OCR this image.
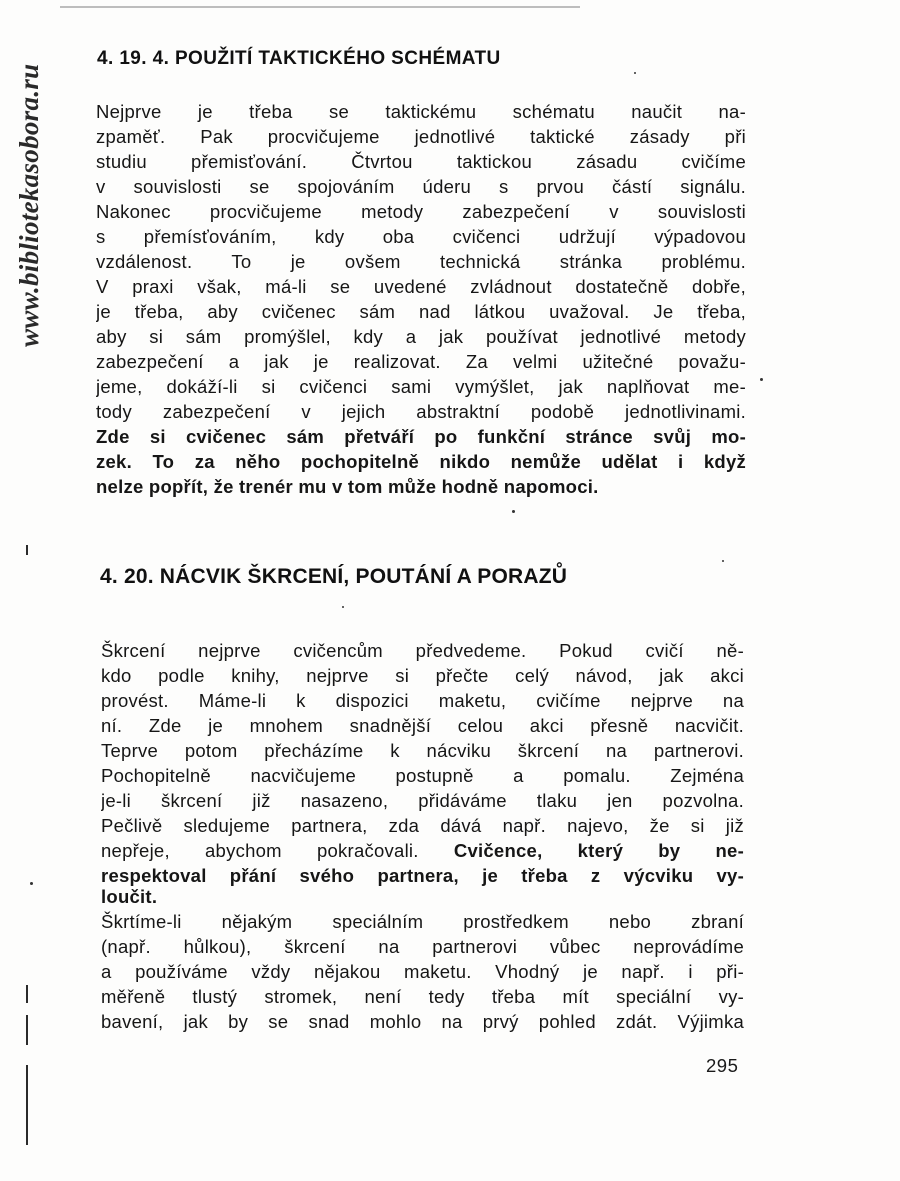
www.bibliotekasobora.ru
4. 19. 4. POUŽITÍ TAKTICKÉHO SCHÉMATU
Nejprve je třeba se taktickému schématu naučit na-
zpaměť. Pak procvičujeme jednotlivé taktické zásady při
studiu přemisťování. Čtvrtou taktickou zásadu cvičíme
v souvislosti se spojováním úderu s prvou částí signálu.
Nakonec procvičujeme metody zabezpečení v souvislosti
s přemísťováním, kdy oba cvičenci udržují výpadovou
vzdálenost. To je ovšem technická stránka problému.
V praxi však, má-li se uvedené zvládnout dostatečně dobře,
je třeba, aby cvičenec sám nad látkou uvažoval. Je třeba,
aby si sám promýšlel, kdy a jak používat jednotlivé metody
zabezpečení a jak je realizovat. Za velmi užitečné považu-
jeme, dokáží-li si cvičenci sami vymýšlet, jak naplňovat me-
tody zabezpečení v jejich abstraktní podobě jednotlivinami.
Zde si cvičenec sám přetváří po funkční stránce svůj mo-
zek. To za něho pochopitelně nikdo nemůže udělat i když
nelze popřít, že trenér mu v tom může hodně napomoci.
4. 20. NÁCVIK ŠKRCENÍ, POUTÁNÍ A PORAZŮ
Škrcení nejprve cvičencům předvedeme. Pokud cvičí ně-
kdo podle knihy, nejprve si přečte celý návod, jak akci
provést. Máme-li k dispozici maketu, cvičíme nejprve na
ní. Zde je mnohem snadnější celou akci přesně nacvičit.
Teprve potom přecházíme k nácviku škrcení na partnerovi.
Pochopitelně nacvičujeme postupně a pomalu. Zejména
je-li škrcení již nasazeno, přidáváme tlaku jen pozvolna.
Pečlivě sledujeme partnera, zda dává např. najevo, že si již
nepřeje, abychom pokračovali. Cvičence, který by ne-
respektoval přání svého partnera, je třeba z výcviku vy-
loučit.
Škrtíme-li nějakým speciálním prostředkem nebo zbraní
(např. hůlkou), škrcení na partnerovi vůbec neprovádíme
a používáme vždy nějakou maketu. Vhodný je např. i při-
měřeně tlustý stromek, není tedy třeba mít speciální vy-
bavení, jak by se snad mohlo na prvý pohled zdát. Výjimka
295
